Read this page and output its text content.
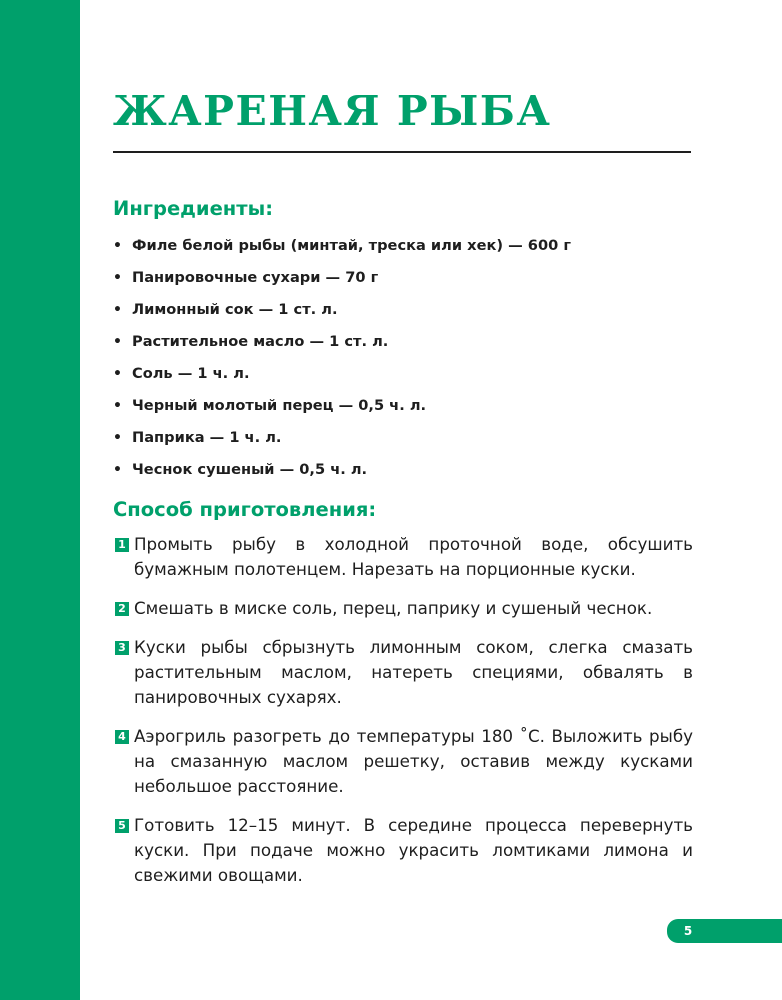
ЖАРЕНАЯ РЫБА
Ингредиенты:
• Филе белой рыбы (минтай, треска или хек) — 600 г
• Панировочные сухари — 70 г
• Лимонный сок — 1 ст. л.
• Растительное масло — 1 ст. л.
• Соль — 1 ч. л.
• Черный молотый перец — 0,5 ч. л.
• Паприка — 1 ч. л.
• Чеснок сушеный — 0,5 ч. л.
Способ приготовления:
1 Промыть рыбу в холодной проточной воде, обсушить бумажным полотенцем. Нарезать на порционные куски.
2 Смешать в миске соль, перец, паприку и сушеный чеснок.
3 Куски рыбы сбрызнуть лимонным соком, слегка смазать растительным маслом, натереть специями, обвалять в панировочных сухарях.
4 Аэрогриль разогреть до температуры 180 ˚С. Выложить рыбу на смазанную маслом решетку, оставив между кусками небольшое расстояние.
5 Готовить 12–15 минут. В середине процесса перевернуть куски. При подаче можно украсить ломтиками лимона и свежими овощами.
5
